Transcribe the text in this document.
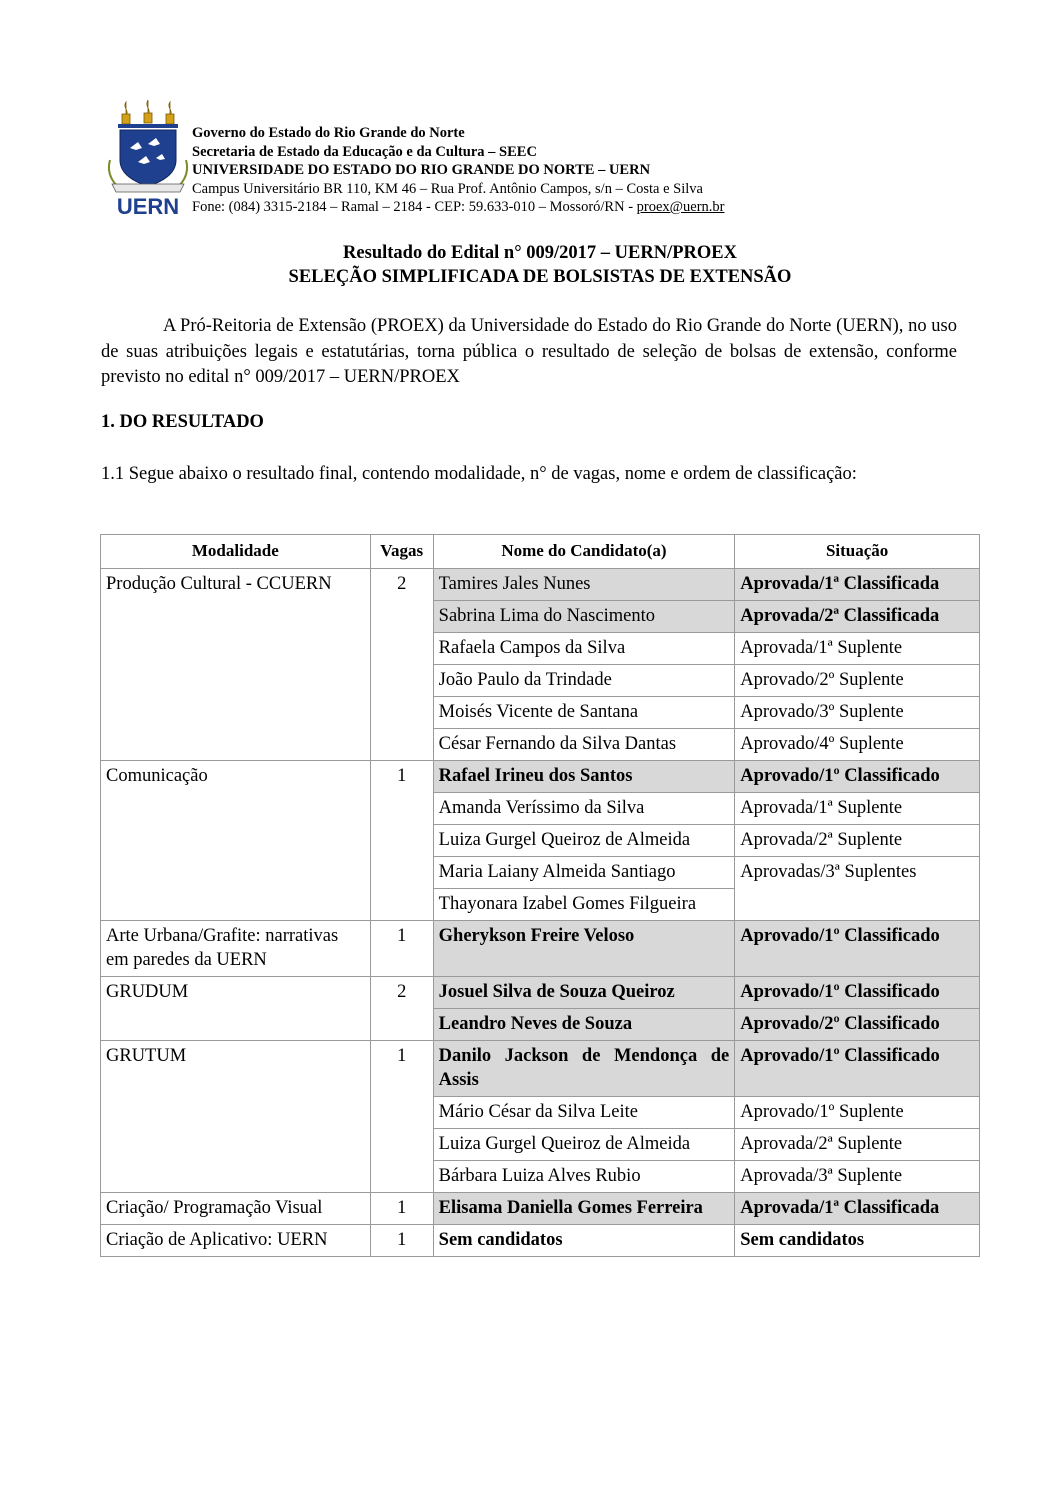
UERN
Governo do Estado do Rio Grande do Norte
Secretaria de Estado da Educação e da Cultura – SEEC
UNIVERSIDADE DO ESTADO DO RIO GRANDE DO NORTE – UERN
Campus Universitário BR 110, KM 46 – Rua Prof. Antônio Campos, s/n – Costa e Silva
Fone: (084) 3315-2184 – Ramal – 2184 - CEP: 59.633-010 – Mossoró/RN - proex@uern.br
Resultado do Edital n° 009/2017 – UERN/PROEX
SELEÇÃO SIMPLIFICADA DE BOLSISTAS DE EXTENSÃO

A Pró-Reitoria de Extensão (PROEX) da Universidade do Estado do Rio Grande do Norte (UERN), no uso de suas atribuições legais e estatutárias, torna pública o resultado de seleção de bolsas de extensão, conforme previsto no edital n° 009/2017 – UERN/PROEX

1. DO RESULTADO

1.1 Segue abaixo o resultado final, contendo modalidade, n° de vagas, nome e ordem de classificação:

Modalidade	Vagas	Nome do Candidato(a)	Situação
Produção Cultural - CCUERN	2	Tamires Jales Nunes	Aprovada/1ª Classificada
		Sabrina Lima do Nascimento	Aprovada/2ª Classificada
		Rafaela Campos da Silva	Aprovada/1ª Suplente
		João Paulo da Trindade	Aprovado/2º Suplente
		Moisés Vicente de Santana	Aprovado/3º Suplente
		César Fernando da Silva Dantas	Aprovado/4º Suplente
Comunicação	1	Rafael Irineu dos Santos	Aprovado/1º Classificado
		Amanda Veríssimo da Silva	Aprovada/1ª Suplente
		Luiza Gurgel Queiroz de Almeida	Aprovada/2ª Suplente
		Maria Laiany Almeida Santiago	Aprovadas/3ª Suplentes
		Thayonara Izabel Gomes Filgueira	
Arte Urbana/Grafite: narrativas em paredes da UERN	1	Gherykson Freire Veloso	Aprovado/1º Classificado
GRUDUM	2	Josuel Silva de Souza Queiroz	Aprovado/1º Classificado
		Leandro Neves de Souza	Aprovado/2º Classificado
GRUTUM	1	Danilo Jackson de Mendonça de Assis	Aprovado/1º Classificado
		Mário César da Silva Leite	Aprovado/1º Suplente
		Luiza Gurgel Queiroz de Almeida	Aprovada/2ª Suplente
		Bárbara Luiza Alves Rubio	Aprovada/3ª Suplente
Criação/ Programação Visual	1	Elisama Daniella Gomes Ferreira	Aprovada/1ª Classificada
Criação de Aplicativo: UERN	1	Sem candidatos	Sem candidatos
